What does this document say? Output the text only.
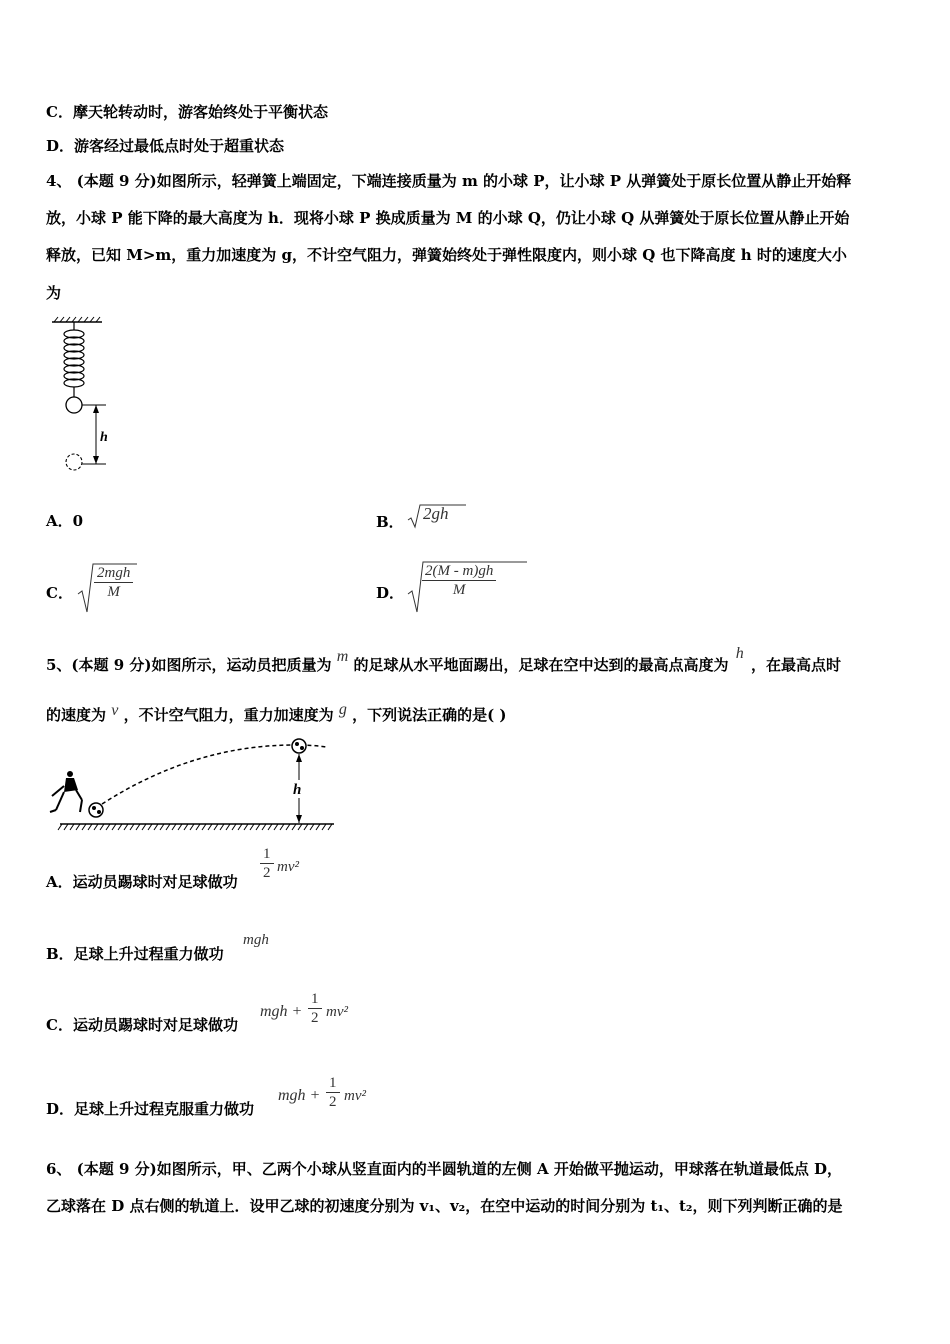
C．摩天轮转动时，游客始终处于平衡状态
D．游客经过最低点时处于超重状态
4、 (本题 9 分)如图所示，轻弹簧上端固定，下端连接质量为 m 的小球 P，让小球 P 从弹簧处于原长位置从静止开始释
放，小球 P 能下降的最大高度为 h．现将小球 P 换成质量为 M 的小球 Q，仍让小球 Q 从弹簧处于原长位置从静止开始
释放，已知 M>m，重力加速度为 g，不计空气阻力，弹簧始终处于弹性限度内，则小球 Q 也下降高度 h 时的速度大小
为
h
A．0	B． 2gh
C．
2mgh
M	D． $\frac{2(M - m)gh}{M}$
5、(本题 9 分)如图所示，运动员把质量为 m 的足球从水平地面踢出，足球在空中达到的最高点高度为 h ，在最高点时
的速度为 v ，不计空气阻力，重力加速度为 g ，下列说法正确的是( )
h
A．运动员踢球时对足球做功 $\frac{1}{2} mv^2$
B．足球上升过程重力做功
mgh
C．运动员踢球时对足球做功
mgh + $\frac{1}{2} mv^2$
D．足球上升过程克服重力做功
mgh + $\frac{1}{2} mv^2$
6、 (本题 9 分)如图所示，甲、乙两个小球从竖直面内的半圆轨道的左侧 A 开始做平抛运动，甲球落在轨道最低点 D，
乙球落在 D 点右侧的轨道上．设甲乙球的初速度分别为 v₁、v₂，在空中运动的时间分别为 t₁、t₂，则下列判断正确的是
